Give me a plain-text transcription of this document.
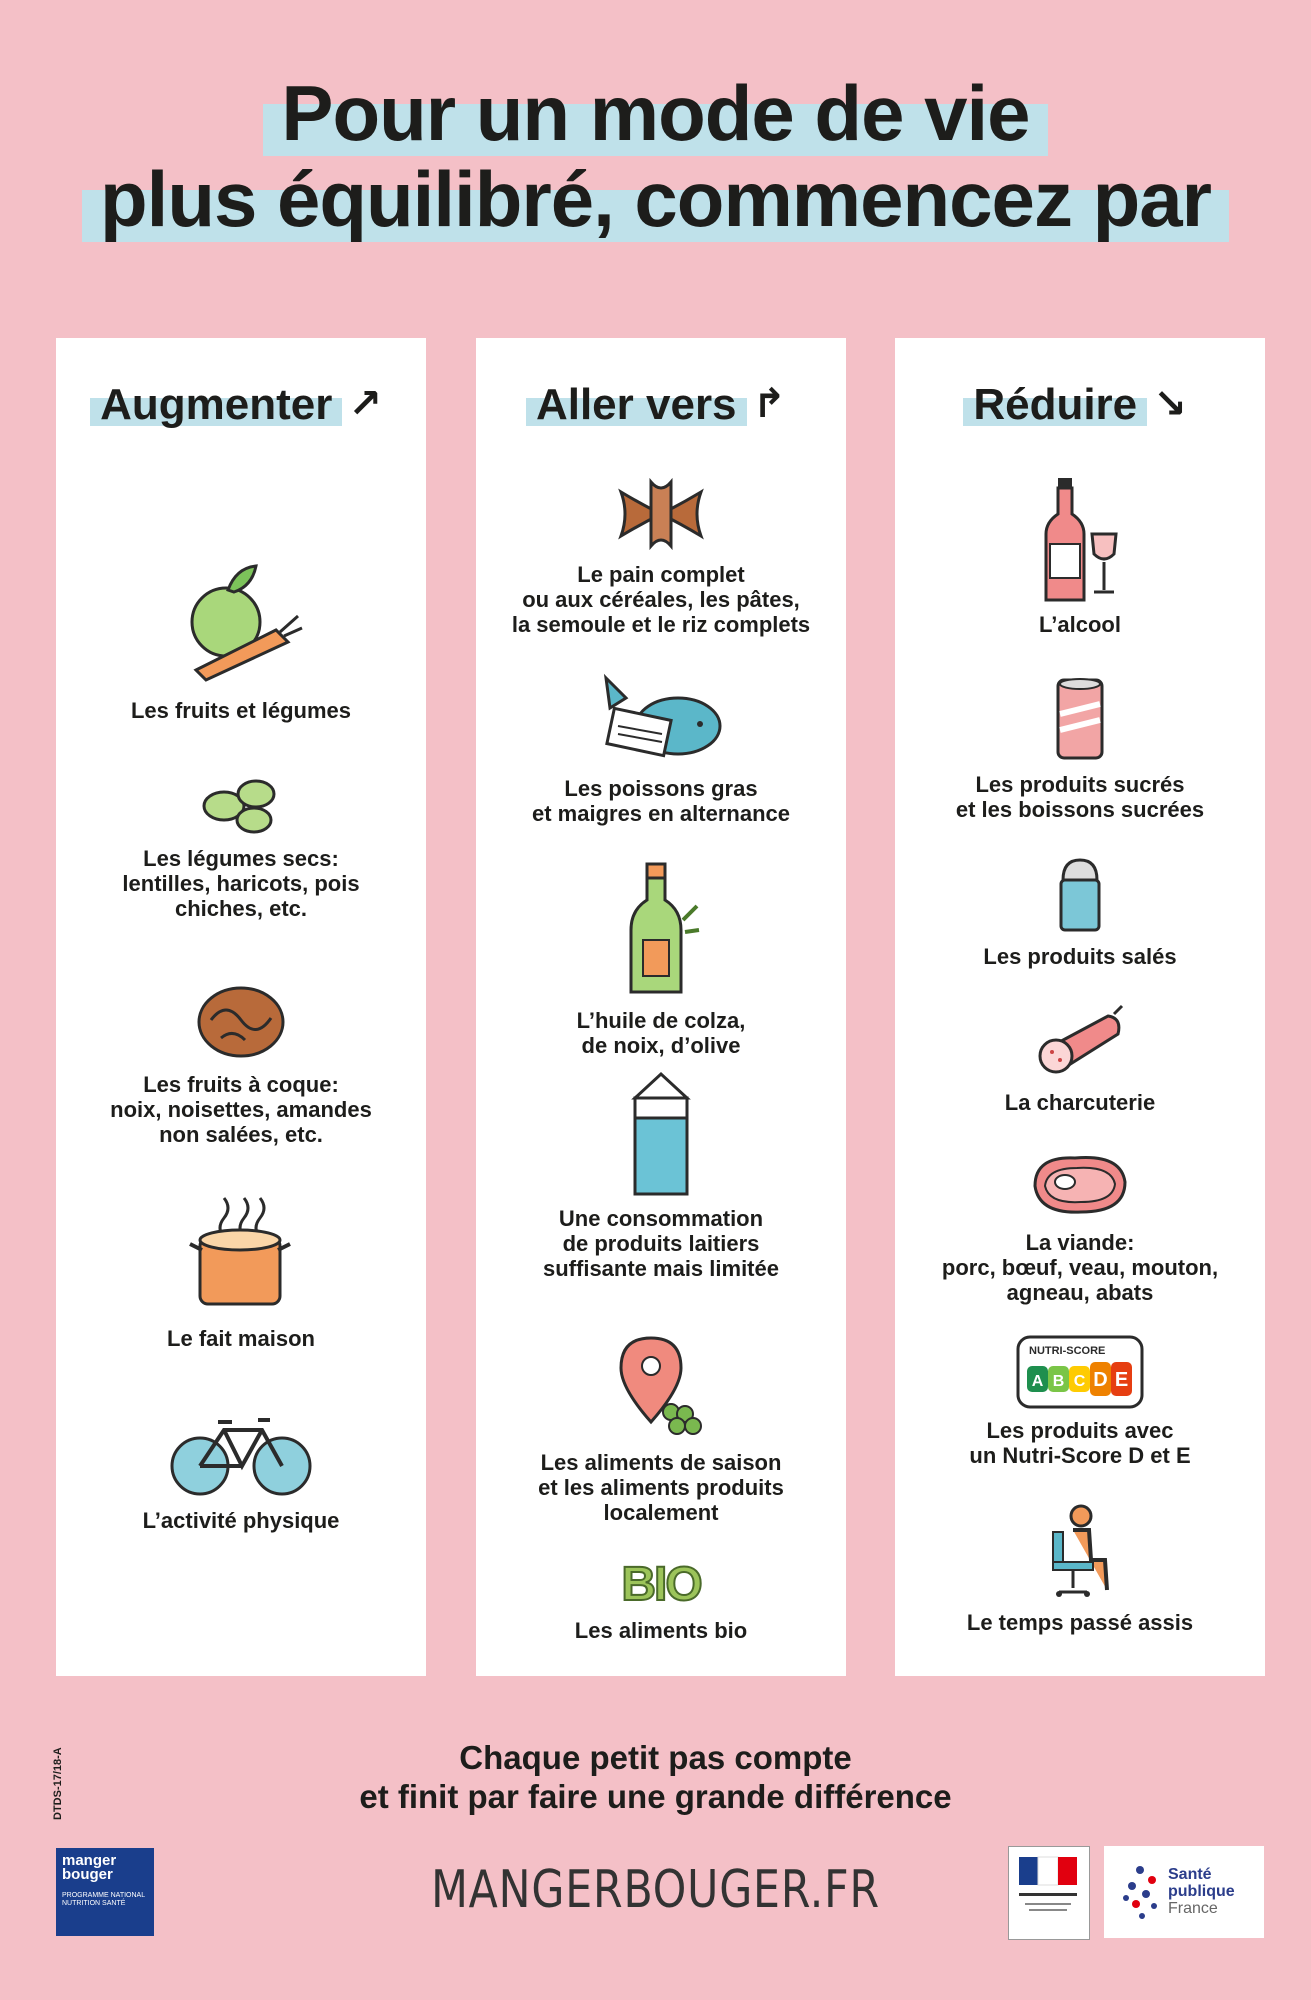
Pour un mode de vie

plus équilibré, commencez par
Augmenter ↗
Les fruits et légumes
Les légumes secs:
lentilles, haricots, pois
chiches, etc.
Les fruits à coque:
noix, noisettes, amandes
non salées, etc.
Le fait maison
L’activité physique
Aller vers ↱
Le pain complet
ou aux céréales, les pâtes,
la semoule et le riz complets
Les poissons gras
et maigres en alternance
L’huile de colza,
de noix, d’olive
Une consommation
de produits laitiers
suffisante mais limitée
Les aliments de saison
et les aliments produits
localement
BIO
Les aliments bio
Réduire ↘
L’alcool
Les produits sucrés
et les boissons sucrées
Les produits salés
La charcuterie
La viande:
porc, bœuf, veau, mouton,
agneau, abats
NUTRI-SCORE
A B C D E
Les produits avec
un Nutri-Score D et E
Le temps passé assis
DTDS-17/18-A	Chaque petit pas compte
et finit par faire une grande différence
manger
bouger
PROGRAMME NATIONAL NUTRITION SANTÉ	MANGERBOUGER.FR	Santé
publique
France
